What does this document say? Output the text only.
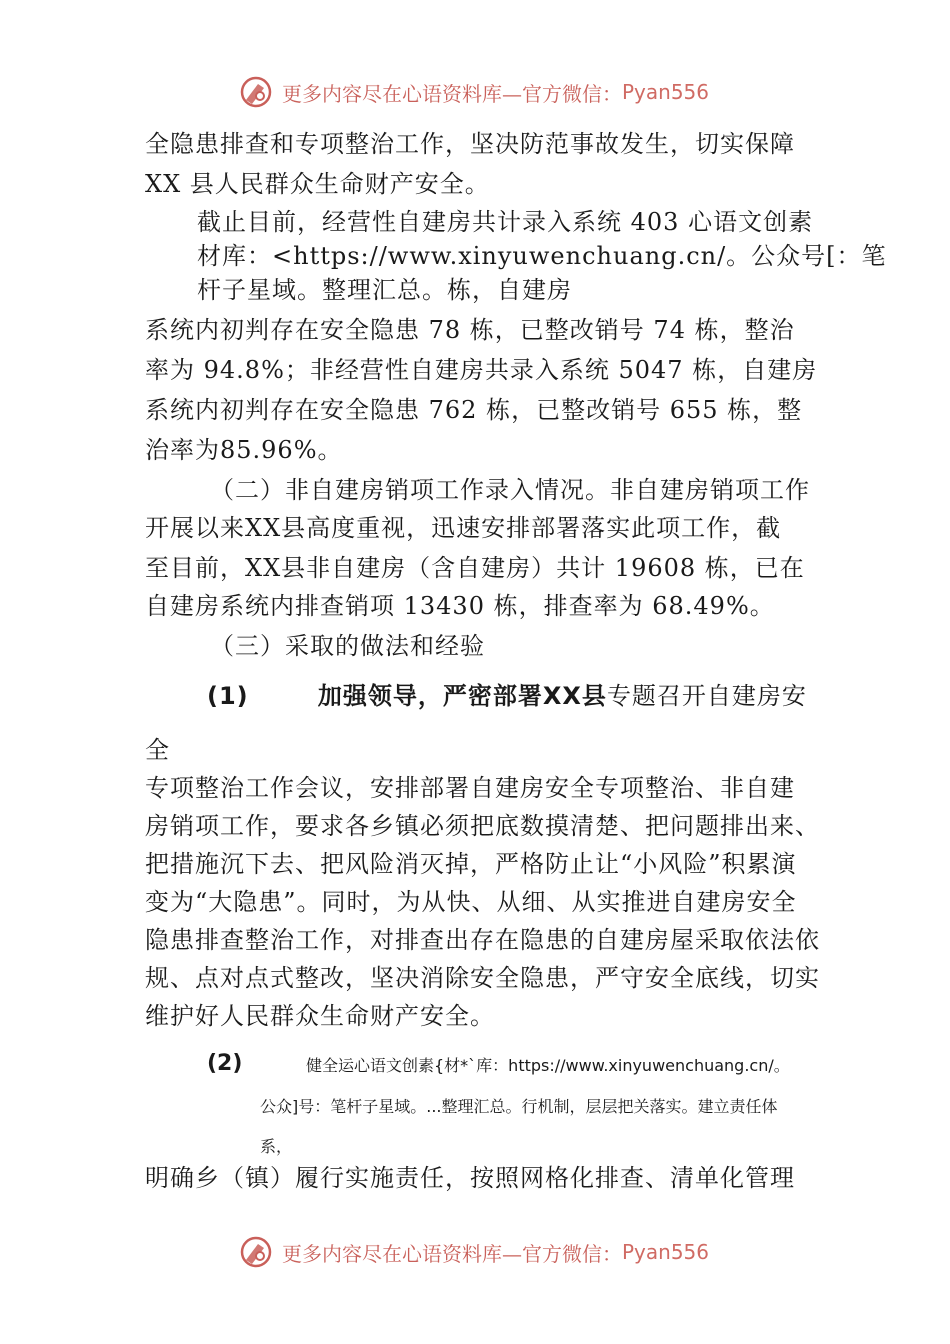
更多内容尽在心语资料库—官方微信： Pyan556
全隐患排查和专项整治工作，坚决防范事故发生，切实保障
XX 县人民群众生命财产安全。
截止目前，经营性自建房共计录入系统 403 心语文创素
材库：<https://www.xinyuwenchuang.cn/。公众号[：笔
杆子星域。整理汇总。栋，自建房
系统内初判存在安全隐患 78 栋，已整改销号 74 栋，整治
率为 94.8%；非经营性自建房共录入系统 5047 栋，自建房
系统内初判存在安全隐患 762 栋，已整改销号 655 栋，整
治率为85.96%。
（二）非自建房销项工作录入情况。非自建房销项工作
开展以来XX县高度重视，迅速安排部署落实此项工作，截
至目前，XX县非自建房（含自建房）共计 19608 栋，已在
自建房系统内排查销项 13430 栋，排查率为 68.49%。
（三）采取的做法和经验
(1)	加强领导，严密部署XX县专题召开自建房安
全
专项整治工作会议，安排部署自建房安全专项整治、非自建
房销项工作，要求各乡镇必须把底数摸清楚、把问题排出来、
把措施沉下去、把风险消灭掉，严格防止让“小风险”积累演
变为“大隐患”。同时，为从快、从细、从实推进自建房安全
隐患排查整治工作，对排查出存在隐患的自建房屋采取依法依
规、点对点式整改，坚决消除安全隐患，严守安全底线，切实
维护好人民群众生命财产安全。
(2)	健全运心语文创素{材*`库：https://www.xinyuwenchuang.cn/。
公众]号：笔杆子星域。...整理汇总。行机制，层层把关落实。建立责任体
系，
明确乡（镇）履行实施责任，按照网格化排查、清单化管理
更多内容尽在心语资料库—官方微信： Pyan556
